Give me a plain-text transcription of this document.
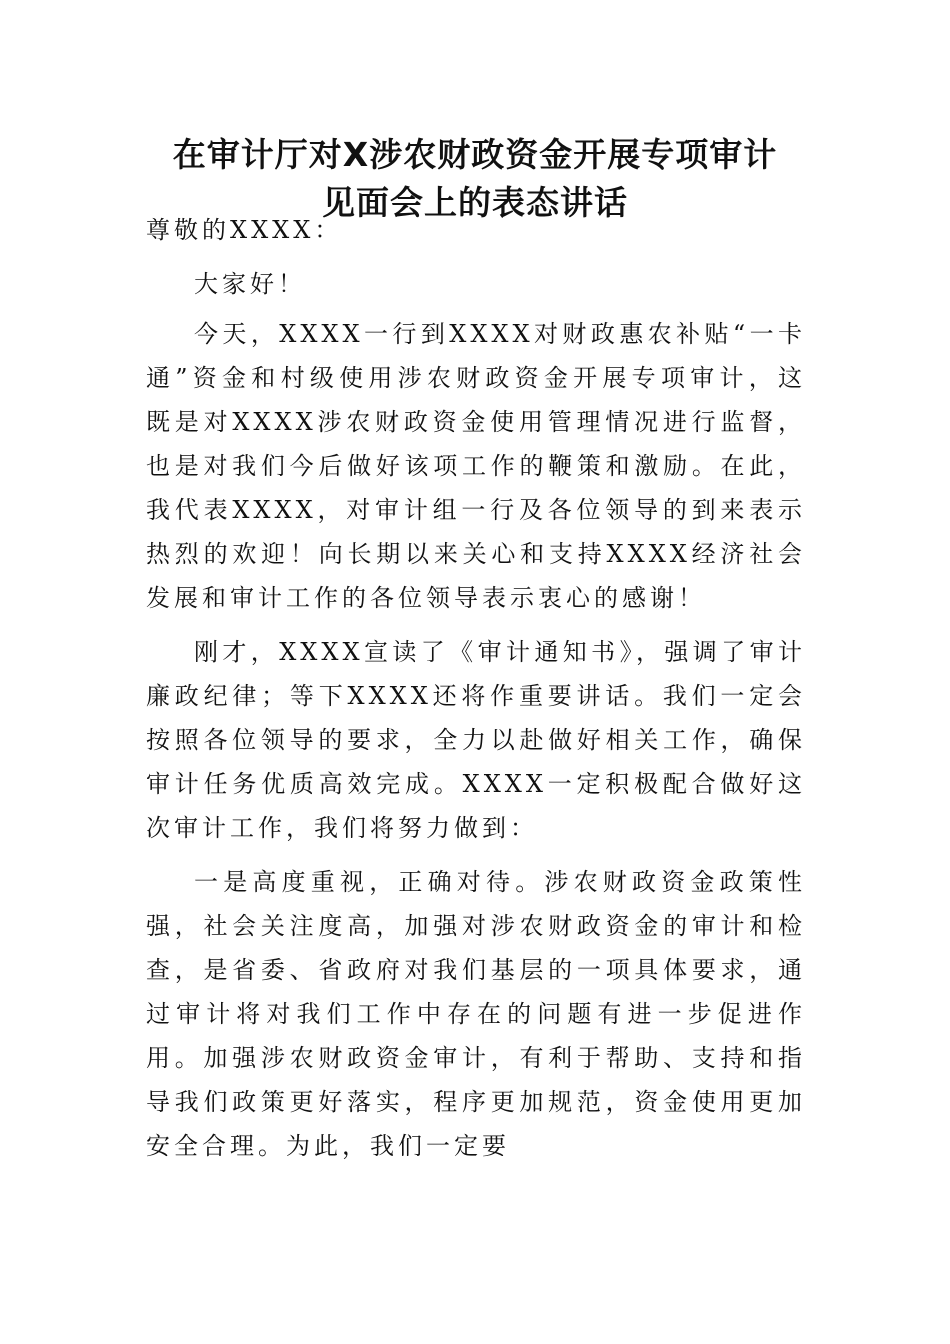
在审计厅对X涉农财政资金开展专项审计
见面会上的表态讲话

尊敬的XXXX：

大家好！

今天，XXXX一行到XXXX对财政惠农补贴“一卡通”资金和村级使用涉农财政资金开展专项审计，这既是对XXXX涉农财政资金使用管理情况进行监督，也是对我们今后做好该项工作的鞭策和激励。在此，我代表XXXX，对审计组一行及各位领导的到来表示热烈的欢迎！向长期以来关心和支持XXXX经济社会发展和审计工作的各位领导表示衷心的感谢！

刚才，XXXX宣读了《审计通知书》，强调了审计廉政纪律；等下XXXX还将作重要讲话。我们一定会按照各位领导的要求，全力以赴做好相关工作，确保审计任务优质高效完成。XXXX一定积极配合做好这次审计工作，我们将努力做到：

一是高度重视，正确对待。涉农财政资金政策性强，社会关注度高，加强对涉农财政资金的审计和检查，是省委、省政府对我们基层的一项具体要求，通过审计将对我们工作中存在的问题有进一步促进作用。加强涉农财政资金审计，有利于帮助、支持和指导我们政策更好落实，程序更加规范，资金使用更加安全合理。为此，我们一定要
